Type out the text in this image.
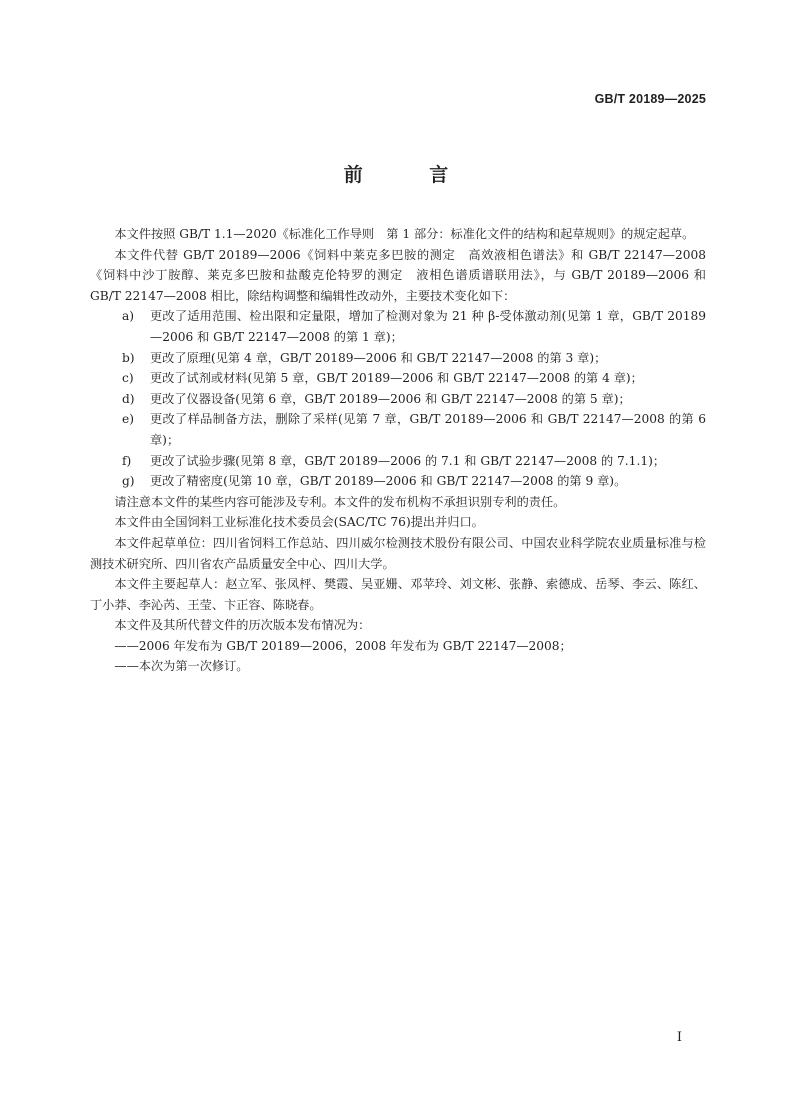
GB/T 20189—2025
前 言

本文件按照 GB/T 1.1—2020《标准化工作导则　第 1 部分：标准化文件的结构和起草规则》的规定起草。

本文件代替 GB/T 20189—2006《饲料中莱克多巴胺的测定　高效液相色谱法》和 GB/T 22147—2008《饲料中沙丁胺醇、莱克多巴胺和盐酸克伦特罗的测定　液相色谱质谱联用法》，与 GB/T 20189—2006 和 GB/T 22147—2008 相比，除结构调整和编辑性改动外，主要技术变化如下：

a) 更改了适用范围、检出限和定量限，增加了检测对象为 21 种 β-受体激动剂(见第 1 章，GB/T 20189—2006 和 GB/T 22147—2008 的第 1 章)；

b) 更改了原理(见第 4 章，GB/T 20189—2006 和 GB/T 22147—2008 的第 3 章)；

c) 更改了试剂或材料(见第 5 章，GB/T 20189—2006 和 GB/T 22147—2008 的第 4 章)；

d) 更改了仪器设备(见第 6 章，GB/T 20189—2006 和 GB/T 22147—2008 的第 5 章)；

e) 更改了样品制备方法，删除了采样(见第 7 章，GB/T 20189—2006 和 GB/T 22147—2008 的第 6 章)；

f) 更改了试验步骤(见第 8 章，GB/T 20189—2006 的 7.1 和 GB/T 22147—2008 的 7.1.1)；

g) 更改了精密度(见第 10 章，GB/T 20189—2006 和 GB/T 22147—2008 的第 9 章)。

请注意本文件的某些内容可能涉及专利。本文件的发布机构不承担识别专利的责任。

本文件由全国饲料工业标准化技术委员会(SAC/TC 76)提出并归口。

本文件起草单位：四川省饲料工作总站、四川威尔检测技术股份有限公司、中国农业科学院农业质量标准与检测技术研究所、四川省农产品质量安全中心、四川大学。

本文件主要起草人：赵立军、张凤枰、樊霞、吴亚姗、邓苹玲、刘文彬、张静、索德成、岳琴、李云、陈红、丁小莽、李沁芮、王莹、卞正容、陈晓春。

本文件及其所代替文件的历次版本发布情况为：

——2006 年发布为 GB/T 20189—2006，2008 年发布为 GB/T 22147—2008；

——本次为第一次修订。

I
